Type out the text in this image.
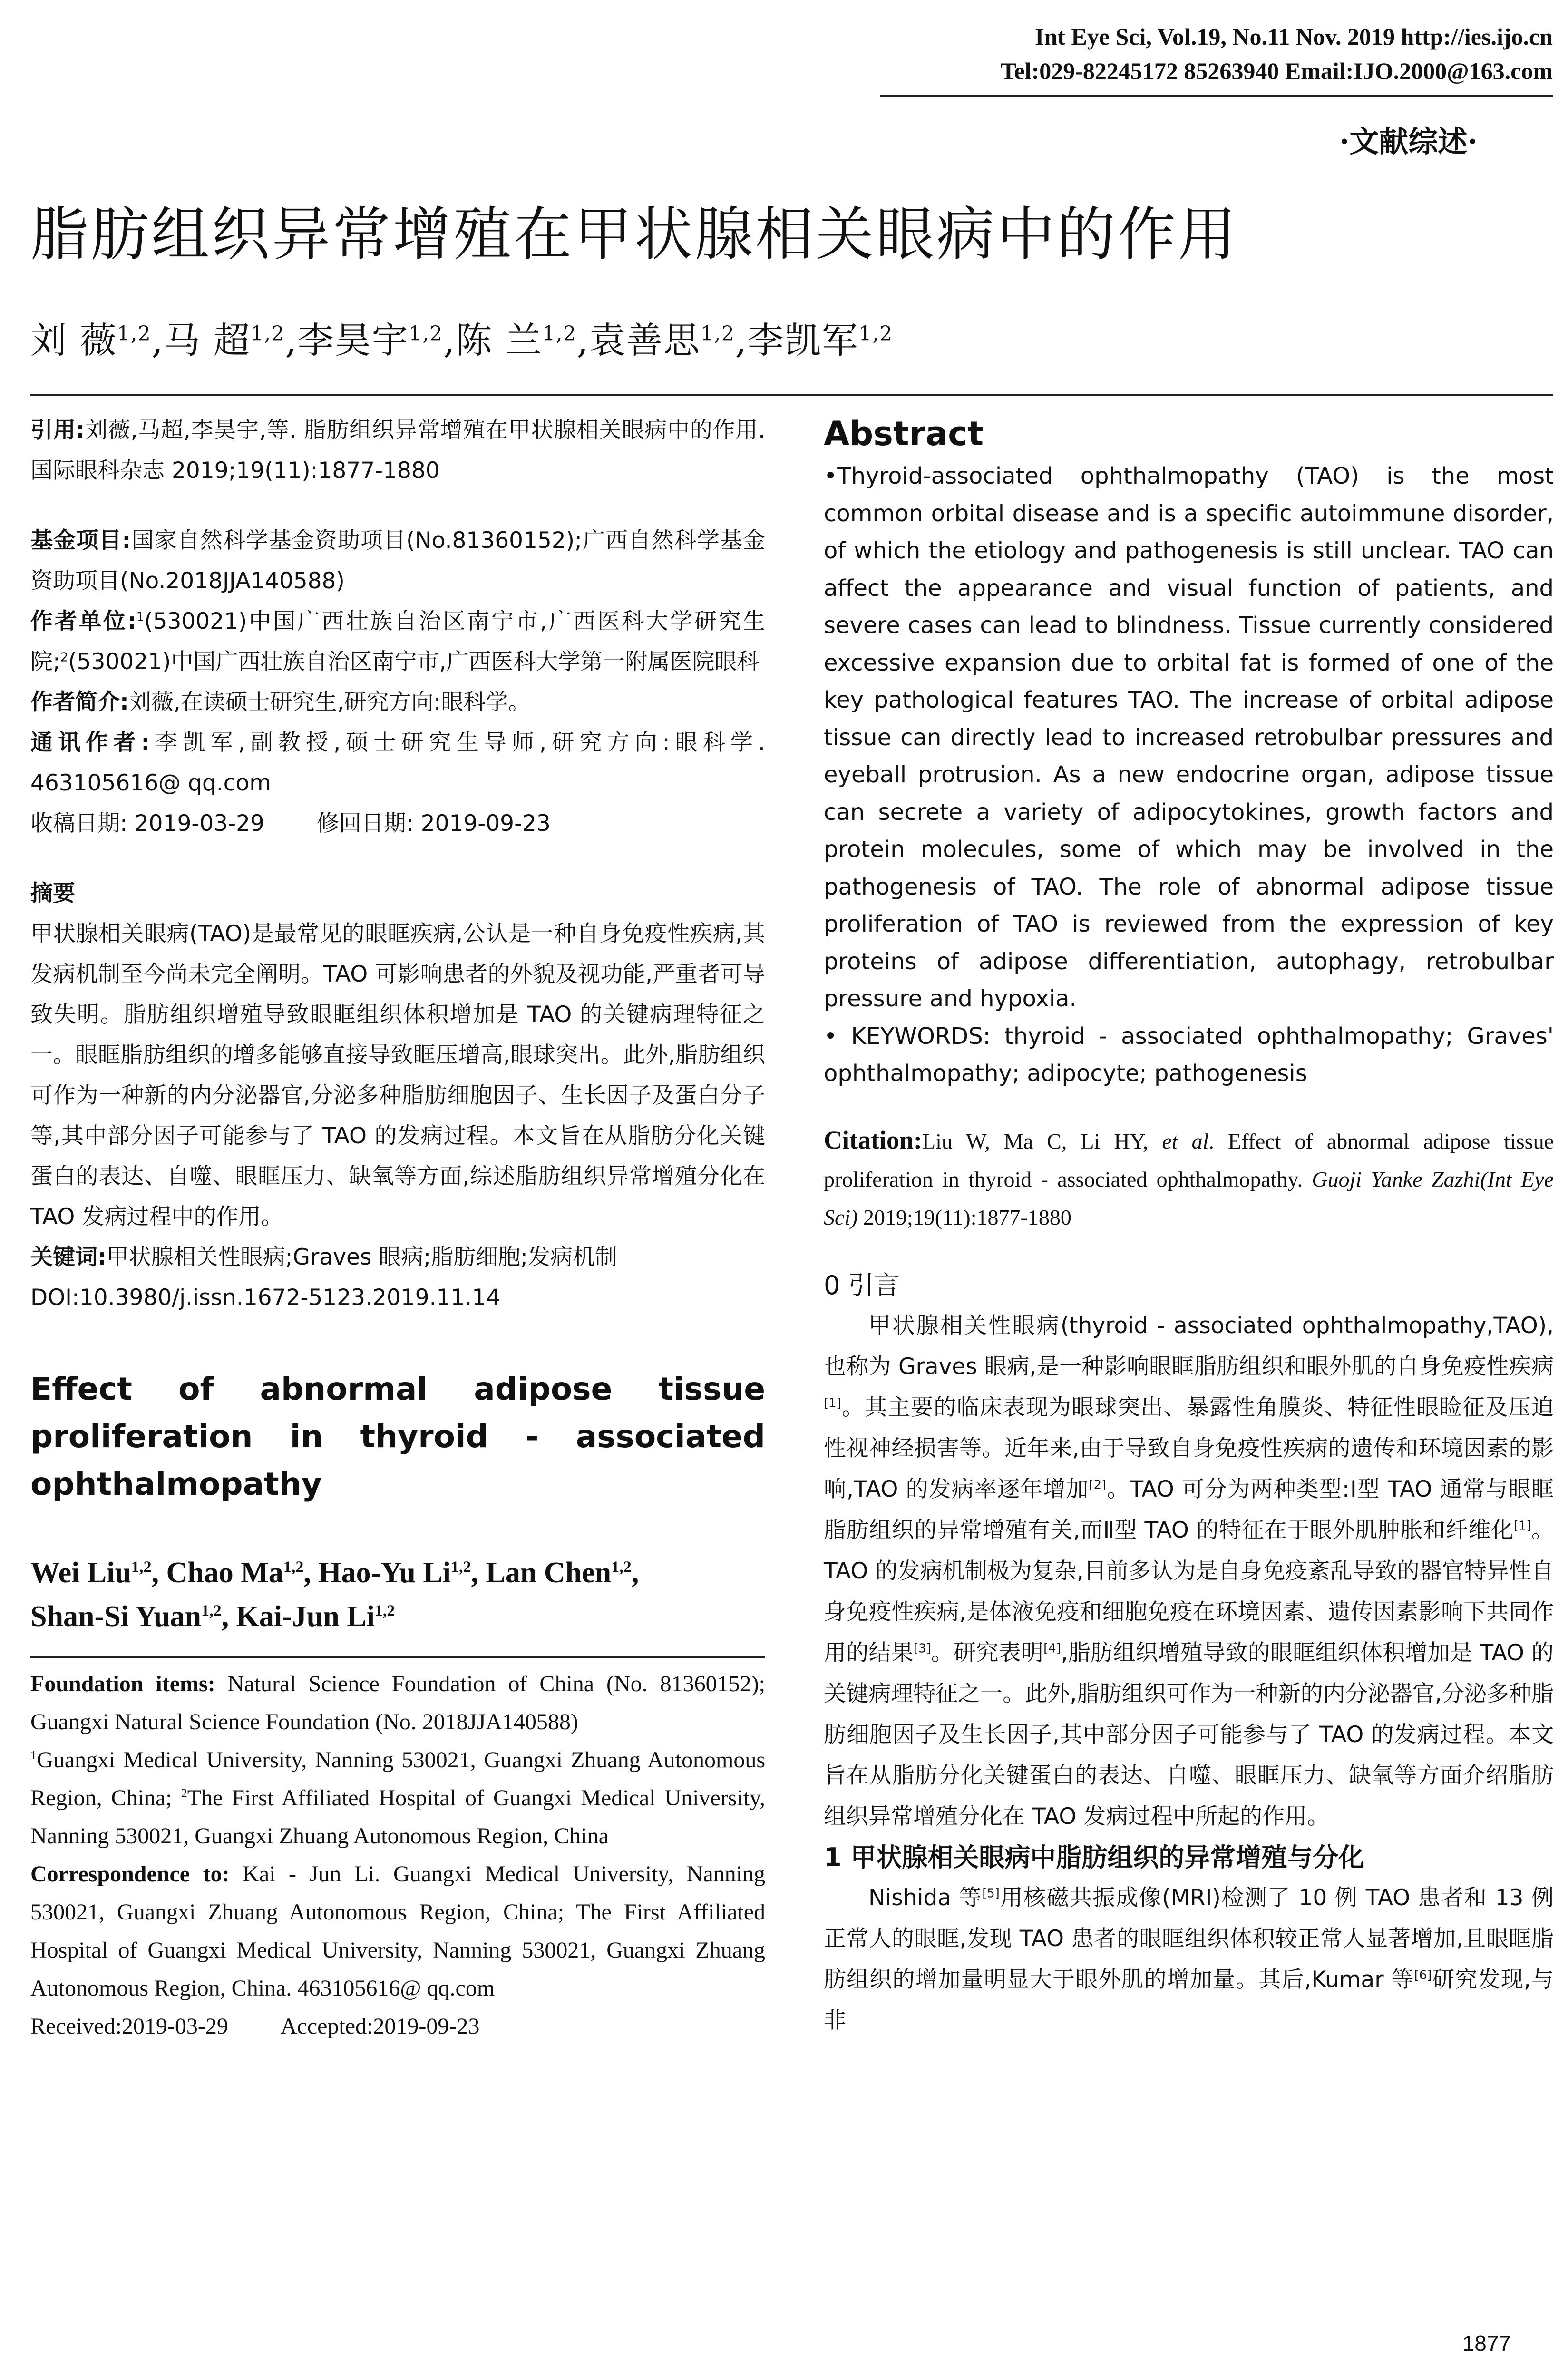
Int Eye Sci, Vol.19, No.11 Nov. 2019 http://ies.ijo.cn
Tel:029-82245172 85263940 Email:IJO.2000@163.com
·文献综述·
脂肪组织异常增殖在甲状腺相关眼病中的作用
刘 薇$^{1,2}$,马 超$^{1,2}$,李昊宇$^{1,2}$,陈 兰$^{1,2}$,袁善思$^{1,2}$,李凯军$^{1,2}$
引用:刘薇,马超,李昊宇,等. 脂肪组织异常增殖在甲状腺相关眼病中的作用.国际眼科杂志 2019;19(11):1877-1880
基金项目:国家自然科学基金资助项目(No.81360152);广西自然科学基金资助项目(No.2018JJA140588)
作者单位:$^1$(530021)中国广西壮族自治区南宁市,广西医科大学研究生院;$^2$(530021)中国广西壮族自治区南宁市,广西医科大学第一附属医院眼科
作者简介:刘薇,在读硕士研究生,研究方向:眼科学。
通讯作者:李凯军,副教授,硕士研究生导师,研究方向:眼科学. 463105616@ qq.com
收稿日期: 2019-03-29 修回日期: 2019-09-23
摘要
甲状腺相关眼病(TAO)是最常见的眼眶疾病,公认是一种自身免疫性疾病,其发病机制至今尚未完全阐明。TAO 可影响患者的外貌及视功能,严重者可导致失明。脂肪组织增殖导致眼眶组织体积增加是 TAO 的关键病理特征之一。眼眶脂肪组织的增多能够直接导致眶压增高,眼球突出。此外,脂肪组织可作为一种新的内分泌器官,分泌多种脂肪细胞因子、生长因子及蛋白分子等,其中部分因子可能参与了 TAO 的发病过程。本文旨在从脂肪分化关键蛋白的表达、自噬、眼眶压力、缺氧等方面,综述脂肪组织异常增殖分化在 TAO 发病过程中的作用。
关键词:甲状腺相关性眼病;Graves 眼病;脂肪细胞;发病机制
DOI:10.3980/j.issn.1672-5123.2019.11.14
Effect of abnormal adipose tissue proliferation in thyroid - associated ophthalmopathy
Wei Liu$^{1,2}$, Chao Ma$^{1,2}$, Hao-Yu Li$^{1,2}$, Lan Chen$^{1,2}$,
Shan-Si Yuan$^{1,2}$, Kai-Jun Li$^{1,2}$
Foundation items: Natural Science Foundation of China (No. 81360152); Guangxi Natural Science Foundation (No. 2018JJA140588)
$^1$Guangxi Medical University, Nanning 530021, Guangxi Zhuang Autonomous Region, China; $^2$The First Affiliated Hospital of Guangxi Medical University, Nanning 530021, Guangxi Zhuang Autonomous Region, China
Correspondence to: Kai - Jun Li. Guangxi Medical University, Nanning 530021, Guangxi Zhuang Autonomous Region, China; The First Affiliated Hospital of Guangxi Medical University, Nanning 530021, Guangxi Zhuang Autonomous Region, China. 463105616@ qq.com
Received:2019-03-29 Accepted:2019-09-23
Abstract
•Thyroid-associated ophthalmopathy (TAO) is the most common orbital disease and is a specific autoimmune disorder, of which the etiology and pathogenesis is still unclear. TAO can affect the appearance and visual function of patients, and severe cases can lead to blindness. Tissue currently considered excessive expansion due to orbital fat is formed of one of the key pathological features TAO. The increase of orbital adipose tissue can directly lead to increased retrobulbar pressures and eyeball protrusion. As a new endocrine organ, adipose tissue can secrete a variety of adipocytokines, growth factors and protein molecules, some of which may be involved in the pathogenesis of TAO. The role of abnormal adipose tissue proliferation of TAO is reviewed from the expression of key proteins of adipose differentiation, autophagy, retrobulbar pressure and hypoxia.
• KEYWORDS: thyroid - associated ophthalmopathy; Graves' ophthalmopathy; adipocyte; pathogenesis
Citation:Liu W, Ma C, Li HY, et al. Effect of abnormal adipose tissue proliferation in thyroid - associated ophthalmopathy. Guoji Yanke Zazhi(Int Eye Sci) 2019;19(11):1877-1880
0 引言

甲状腺相关性眼病(thyroid - associated ophthalmopathy,TAO),也称为 Graves 眼病,是一种影响眼眶脂肪组织和眼外肌的自身免疫性疾病[1]。其主要的临床表现为眼球突出、暴露性角膜炎、特征性眼睑征及压迫性视神经损害等。近年来,由于导致自身免疫性疾病的遗传和环境因素的影响,TAO 的发病率逐年增加[2]。TAO 可分为两种类型:Ⅰ型 TAO 通常与眼眶脂肪组织的异常增殖有关,而Ⅱ型 TAO 的特征在于眼外肌肿胀和纤维化[1]。TAO 的发病机制极为复杂,目前多认为是自身免疫紊乱导致的器官特异性自身免疫性疾病,是体液免疫和细胞免疫在环境因素、遗传因素影响下共同作用的结果[3]。研究表明[4],脂肪组织增殖导致的眼眶组织体积增加是 TAO 的关键病理特征之一。此外,脂肪组织可作为一种新的内分泌器官,分泌多种脂肪细胞因子及生长因子,其中部分因子可能参与了 TAO 的发病过程。本文旨在从脂肪分化关键蛋白的表达、自噬、眼眶压力、缺氧等方面介绍脂肪组织异常增殖分化在 TAO 发病过程中所起的作用。

1 甲状腺相关眼病中脂肪组织的异常增殖与分化

Nishida 等[5]用核磁共振成像(MRI)检测了 10 例 TAO 患者和 13 例正常人的眼眶,发现 TAO 患者的眼眶组织体积较正常人显著增加,且眼眶脂肪组织的增加量明显大于眼外肌的增加量。其后,Kumar 等[6]研究发现,与非

1877
